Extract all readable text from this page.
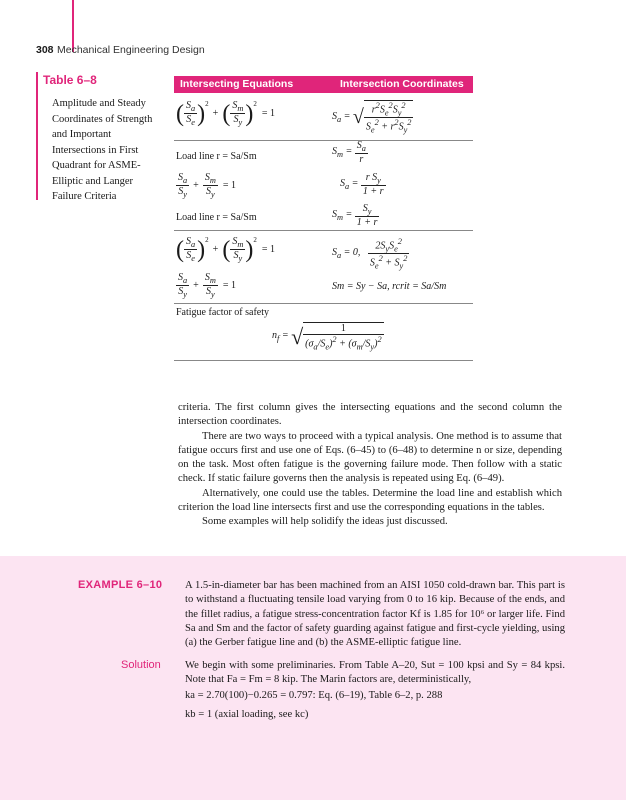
308 Mechanical Engineering Design
Table 6–8
Amplitude and Steady
Coordinates of Strength
and Important
Intersections in First
Quadrant for ASME-
Elliptic and Langer
Failure Criteria
Intersecting Equations	Intersection Coordinates
( $\frac{S_a}{S_e}$ ) 2
+ ( $\frac{S_m}{S_y}$ ) 2
= 1	$S_a$ = √ $\frac{r^2S_e^2S_y^2}{S_e^2 + r^2S_y^2}$
Load line r = Sa/Sm	$S_m = \frac{S_a}{r}$
$\frac{S_a}{S_y} + \frac{S_m}{S_y} = 1$	$S_a = \frac{r S_y}{1 + r}$
Load line r = Sa/Sm	$S_m = \frac{S_y}{1 + r}$
( $\frac{S_a}{S_e}$ ) 2
+ ( $\frac{S_m}{S_y}$ ) 2
= 1	$S_a = 0$, $\frac{2S_yS_e^2}{S_e^2 + S_y^2}$
$\frac{S_a}{S_y} + \frac{S_m}{S_y} = 1$	Sm = Sy − Sa, rcrit = Sa/Sm
Fatigue factor of safety
$n_f$ = √ $\frac{1}{(\sigma_a/S_e)^2 + (\sigma_m/S_y)^2}$

criteria. The first column gives the intersecting equations and the second column the intersection coordinates.

There are two ways to proceed with a typical analysis. One method is to assume that fatigue occurs first and use one of Eqs. (6–45) to (6–48) to determine n or size, depending on the task. Most often fatigue is the governing failure mode. Then follow with a static check. If static failure governs then the analysis is repeated using Eq. (6–49).

Alternatively, one could use the tables. Determine the load line and establish which criterion the load line intersects first and use the corresponding equations in the tables.

Some examples will help solidify the ideas just discussed.

EXAMPLE 6–10 A 1.5-in-diameter bar has been machined from an AISI 1050 cold-drawn bar. This part is to withstand a fluctuating tensile load varying from 0 to 16 kip. Because of the ends, and the fillet radius, a fatigue stress-concentration factor Kf is 1.85 for 10⁶ or larger life. Find Sa and Sm and the factor of safety guarding against fatigue and first-cycle yielding, using (a) the Gerber fatigue line and (b) the ASME-elliptic fatigue line.
Solution We begin with some preliminaries. From Table A–20, Sut = 100 kpsi and Sy = 84 kpsi. Note that Fa = Fm = 8 kip. The Marin factors are, deterministically,
ka = 2.70(100)−0.265 = 0.797: Eq. (6–19), Table 6–2, p. 288
kb = 1 (axial loading, see kc)
